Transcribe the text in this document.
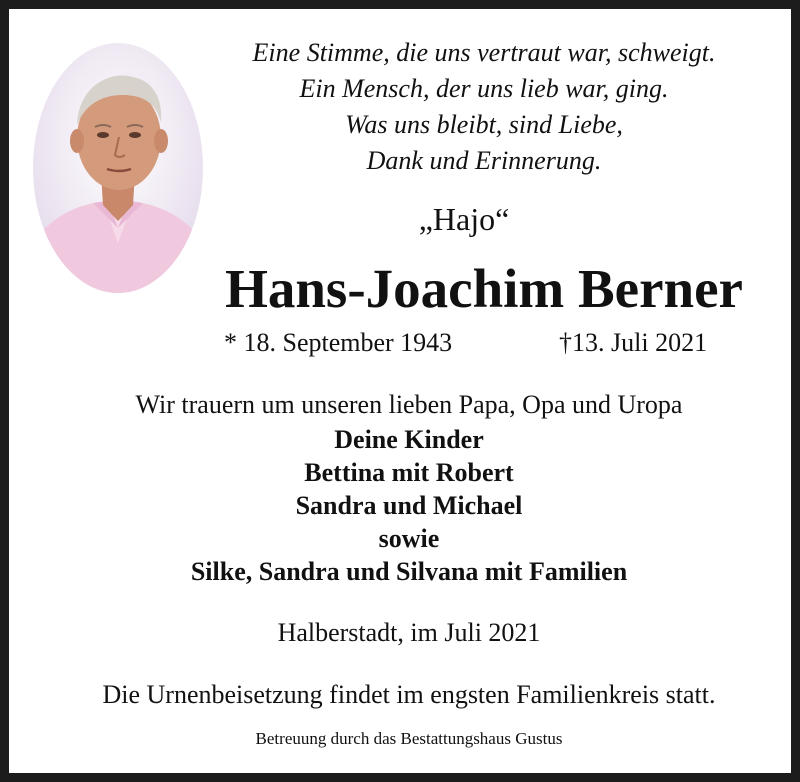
Eine Stimme, die uns vertraut war, schweigt.
Ein Mensch, der uns lieb war, ging.
Was uns bleibt, sind Liebe,
Dank und Erinnerung.
„Hajo“
Hans-Joachim Berner
* 18. September 1943	†13. Juli 2021
Wir trauern um unseren lieben Papa, Opa und Uropa
Deine Kinder
Bettina mit Robert
Sandra und Michael
sowie
Silke, Sandra und Silvana mit Familien
Halberstadt, im Juli 2021
Die Urnenbeisetzung findet im engsten Familienkreis statt.
Betreuung durch das Bestattungshaus Gustus
